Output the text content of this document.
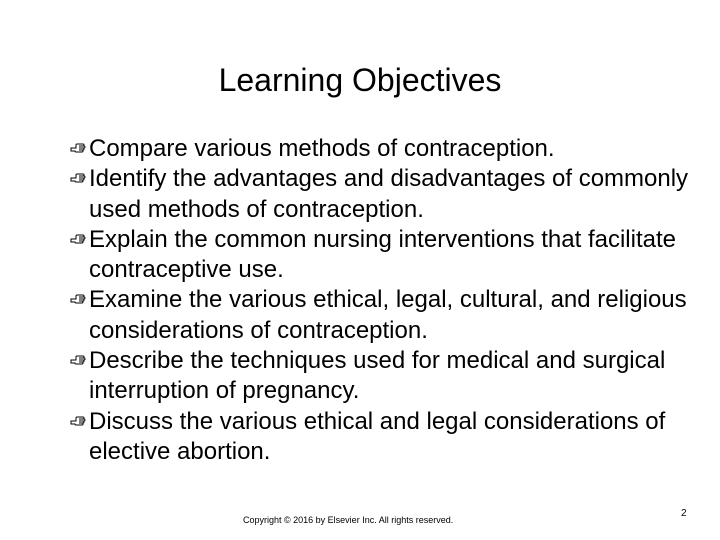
Learning Objectives
Compare various methods of contraception.
Identify the advantages and disadvantages of commonly used methods of contraception.
Explain the common nursing interventions that facilitate contraceptive use.
Examine the various ethical, legal, cultural, and religious considerations of contraception.
Describe the techniques used for medical and surgical interruption of pregnancy.
Discuss the various ethical and legal considerations of elective abortion.
Copyright © 2016 by Elsevier Inc. All rights reserved.
2
